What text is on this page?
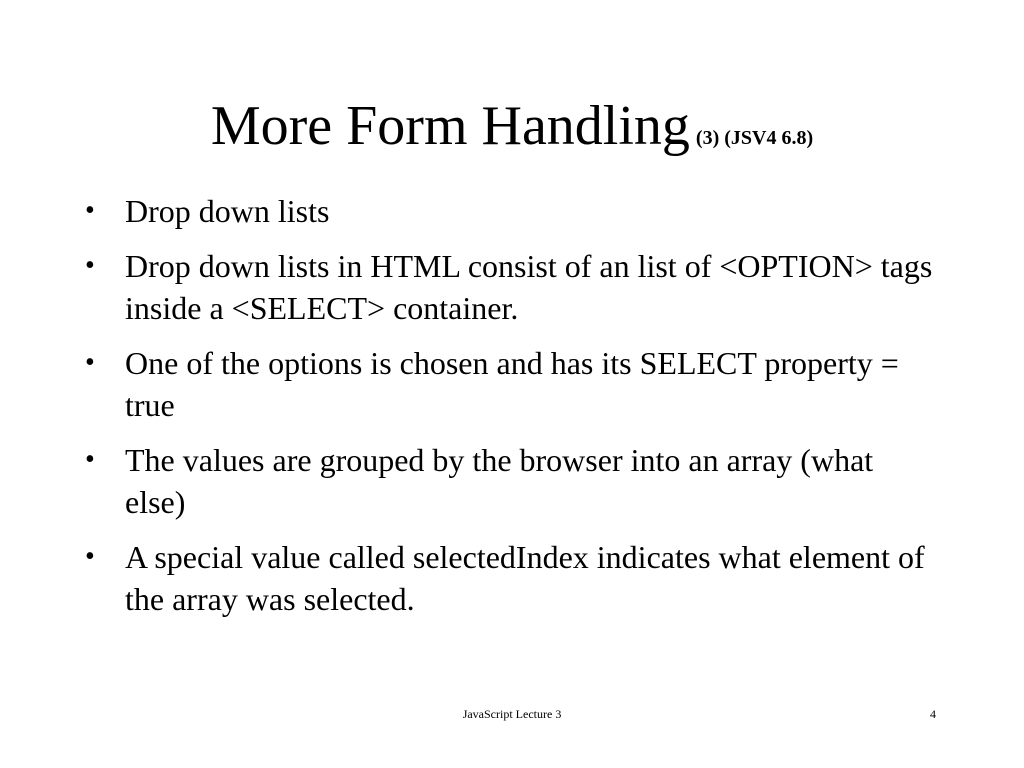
More Form Handling (3) (JSV4 6.8)
• Drop down lists
• Drop down lists in HTML consist of an list of <OPTION> tags inside a <SELECT> container.
• One of the options is chosen and has its SELECT property = true
• The values are grouped by the browser into an array (what else)
• A special value called selectedIndex indicates what element of the array was selected.
JavaScript Lecture 3	4
